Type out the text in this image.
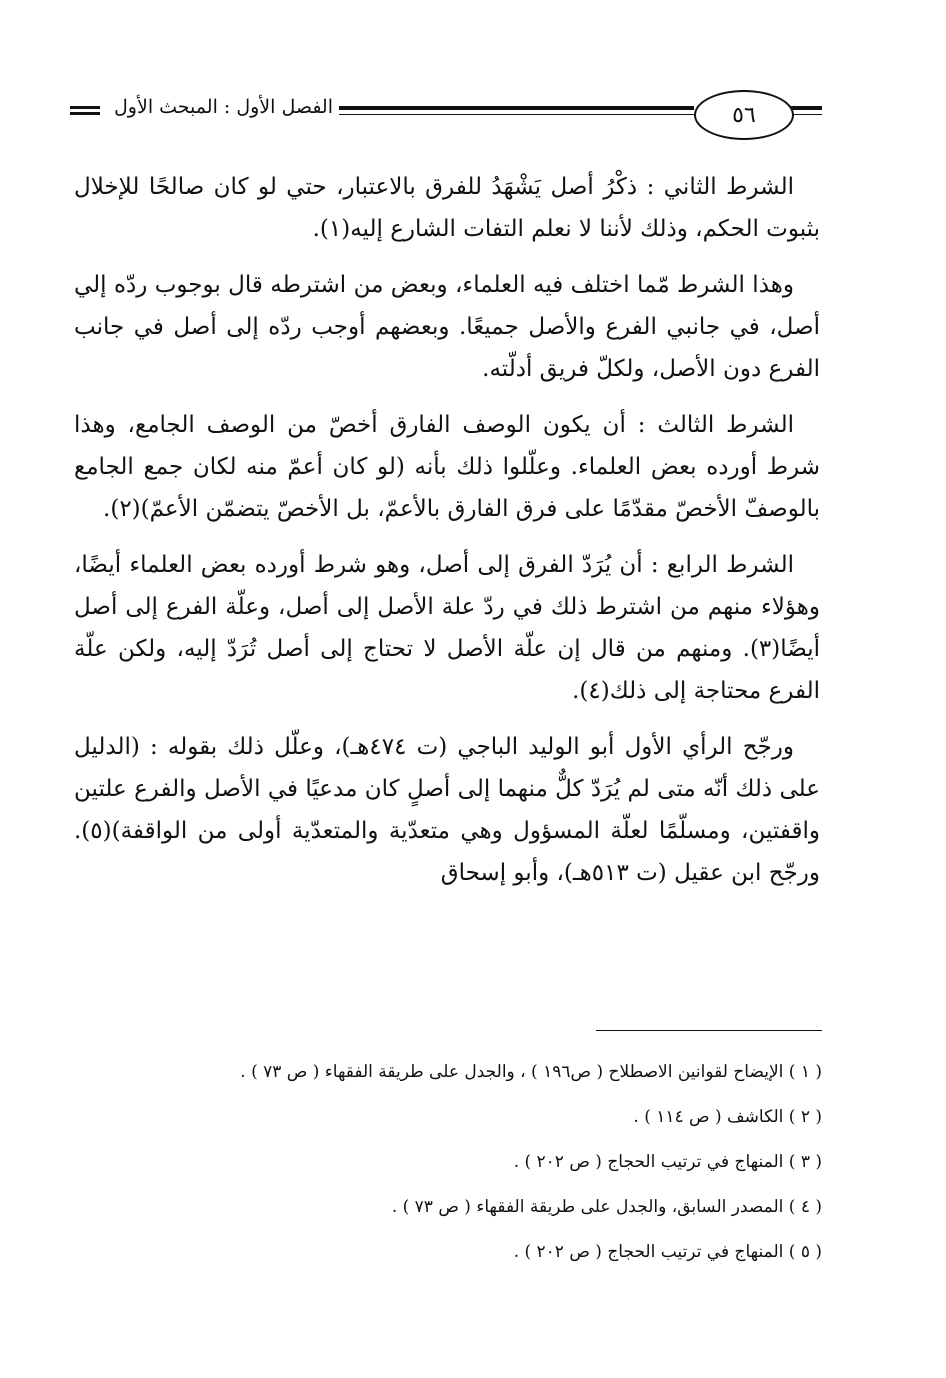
الفصل الأول : المبحث الأول	٥٦

الشرط الثاني : ذكْرُ أصل يَشْهَدُ للفرق بالاعتبار، حتي لو كان صالحًا للإخلال بثبوت الحكم، وذلك لأننا لا نعلم التفات الشارع إليه(١).

وهذا الشرط مّما اختلف فيه العلماء، وبعض من اشترطه قال بوجوب ردّه إلي أصل، في جانبي الفرع والأصل جميعًا. وبعضهم أوجب ردّه إلى أصل في جانب الفرع دون الأصل، ولكلّ فريق أدلّته.

الشرط الثالث : أن يكون الوصف الفارق أخصّ من الوصف الجامع، وهذا شرط أورده بعض العلماء. وعلّلوا ذلك بأنه (لو كان أعمّ منه لكان جمع الجامع بالوصفّ الأخصّ مقدّمًا على فرق الفارق بالأعمّ، بل الأخصّ يتضمّن الأعمّ)(٢).

الشرط الرابع : أن يُرَدّ الفرق إلى أصل، وهو شرط أورده بعض العلماء أيضًا، وهؤلاء منهم من اشترط ذلك في ردّ علة الأصل إلى أصل، وعلّة الفرع إلى أصل أيضًا(٣). ومنهم من قال إن علّة الأصل لا تحتاج إلى أصل تُرَدّ إليه، ولكن علّة الفرع محتاجة إلى ذلك(٤).

ورجّح الرأي الأول أبو الوليد الباجي (ت ٤٧٤هـ)، وعلّل ذلك بقوله : (الدليل على ذلك أنّه متى لم يُرَدّ كلٌّ منهما إلى أصلٍ كان مدعيًا في الأصل والفرع علتين واقفتين، ومسلّمًا لعلّة المسؤول وهي متعدّية والمتعدّية أولى من الواقفة)(٥). ورجّح ابن عقيل (ت ٥١٣هـ)، وأبو إسحاق

( ١ ) الإيضاح لقوانين الاصطلاح ( ص١٩٦ ) ، والجدل على طريقة الفقهاء ( ص ٧٣ ) .
( ٢ ) الكاشف ( ص ١١٤ ) .
( ٣ ) المنهاج في ترتيب الحجاج ( ص ٢٠٢ ) .
( ٤ ) المصدر السابق، والجدل على طريقة الفقهاء ( ص ٧٣ ) .
( ٥ ) المنهاج في ترتيب الحجاج ( ص ٢٠٢ ) .
